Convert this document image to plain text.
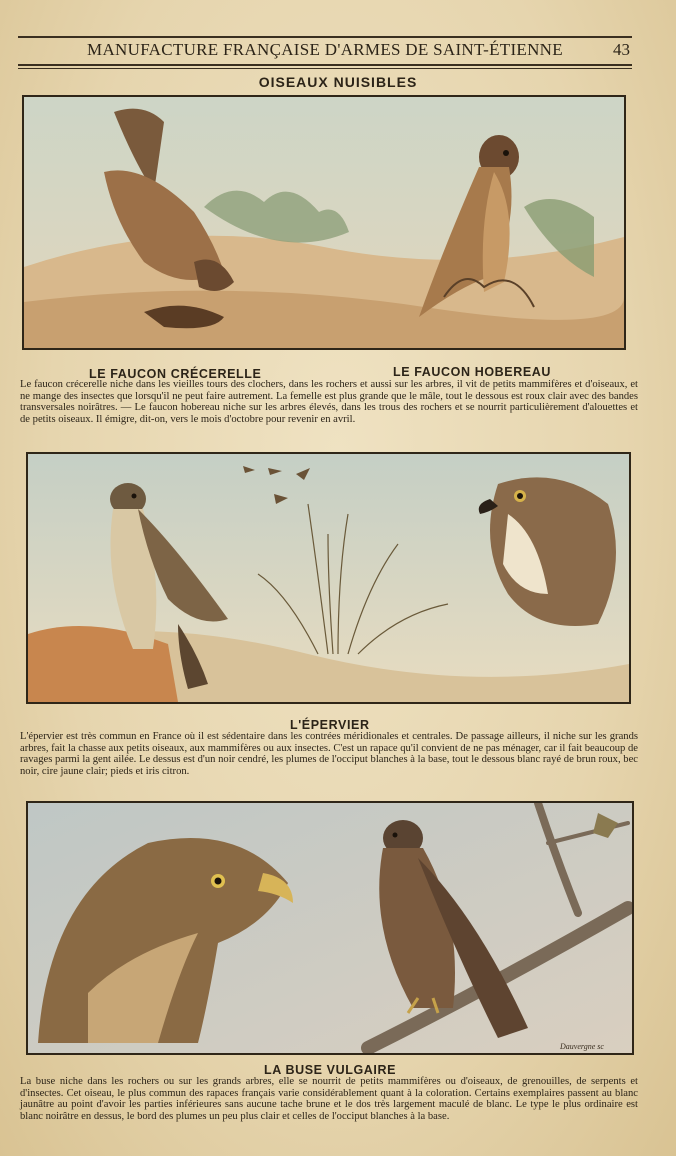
MANUFACTURE FRANÇAISE D'ARMES DE SAINT-ÉTIENNE	43
OISEAUX NUISIBLES
LE FAUCON CRÉCERELLE	LE FAUCON HOBEREAU
Le faucon crécerelle niche dans les vieilles tours des clochers, dans les rochers et aussi sur les arbres, il vit de petits mammifères et d'oiseaux, et ne mange des insectes que lorsqu'il ne peut faire autrement. La femelle est plus grande que le mâle, tout le dessous est roux clair avec des bandes transversales noirâtres. — Le faucon hobereau niche sur les arbres élevés, dans les trous des rochers et se nourrit particulièrement d'alouettes et de petits oiseaux. Il émigre, dit-on, vers le mois d'octobre pour revenir en avril.
L'ÉPERVIER
L'épervier est très commun en France où il est sédentaire dans les contrées méridionales et centrales. De passage ailleurs, il niche sur les grands arbres, fait la chasse aux petits oiseaux, aux mammifères ou aux insectes. C'est un rapace qu'il convient de ne pas ménager, car il fait beaucoup de ravages parmi la gent ailée. Le dessus est d'un noir cendré, les plumes de l'occiput blanches à la base, tout le dessous blanc rayé de brun roux, bec noir, cire jaune clair; pieds et iris citron.
Dauvergne sc
LA BUSE VULGAIRE
La buse niche dans les rochers ou sur les grands arbres, elle se nourrit de petits mammifères ou d'oiseaux, de grenouilles, de serpents et d'insectes. Cet oiseau, le plus commun des rapaces français varie considérablement quant à la coloration. Certains exemplaires passent au blanc jaunâtre au point d'avoir les parties inférieures sans aucune tache brune et le dos très largement maculé de blanc. Le type le plus ordinaire est blanc noirâtre en dessus, le bord des plumes un peu plus clair et celles de l'occiput blanches à la base.
